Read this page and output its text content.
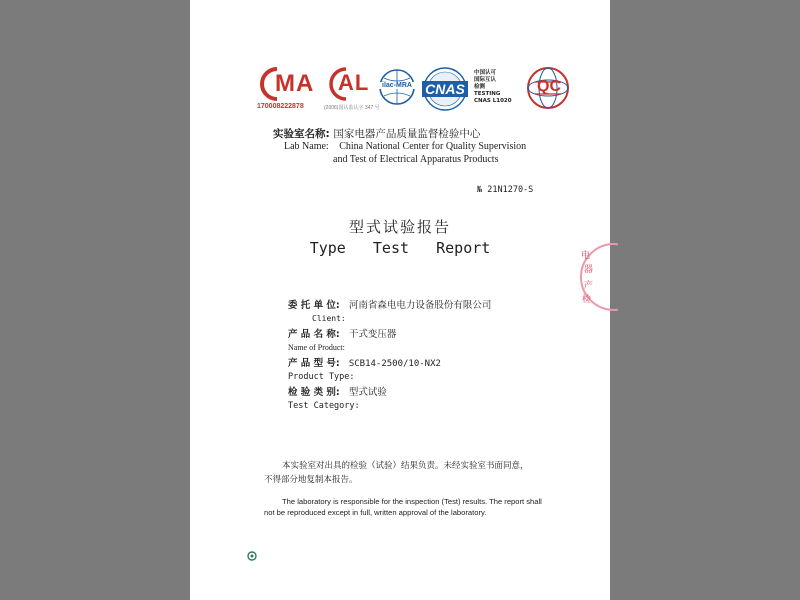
MA
170008222878
AL
(2006)国认监认字 347 号
ilac-MRA CNAS
中国认可
国际互认
检测
TESTING
CNAS L1020
QC
实验室名称: 国家电器产品质量监督检验中心
Lab Name: China National Center for Quality Supervision
and Test of Electrical Apparatus Products
№ 21N1270-S
型式试验报告
Type   Test   Report
委 托 单 位: 河南省森电电力设备股份有限公司
Client:
产 品 名 称: 干式变压器
Name of Product:
产 品 型 号: SCB14-2500/10-NX2
Product Type:
检 验 类 别: 型式试验
Test Category:
本实验室对出具的检验（试验）结果负责。未经实验室书面同意，
不得部分地复制本报告。
The laboratory is responsible for the inspection (Test) results. The report shall
not be reproduced except in full, written approval of the laboratory.
电
器
产
检
